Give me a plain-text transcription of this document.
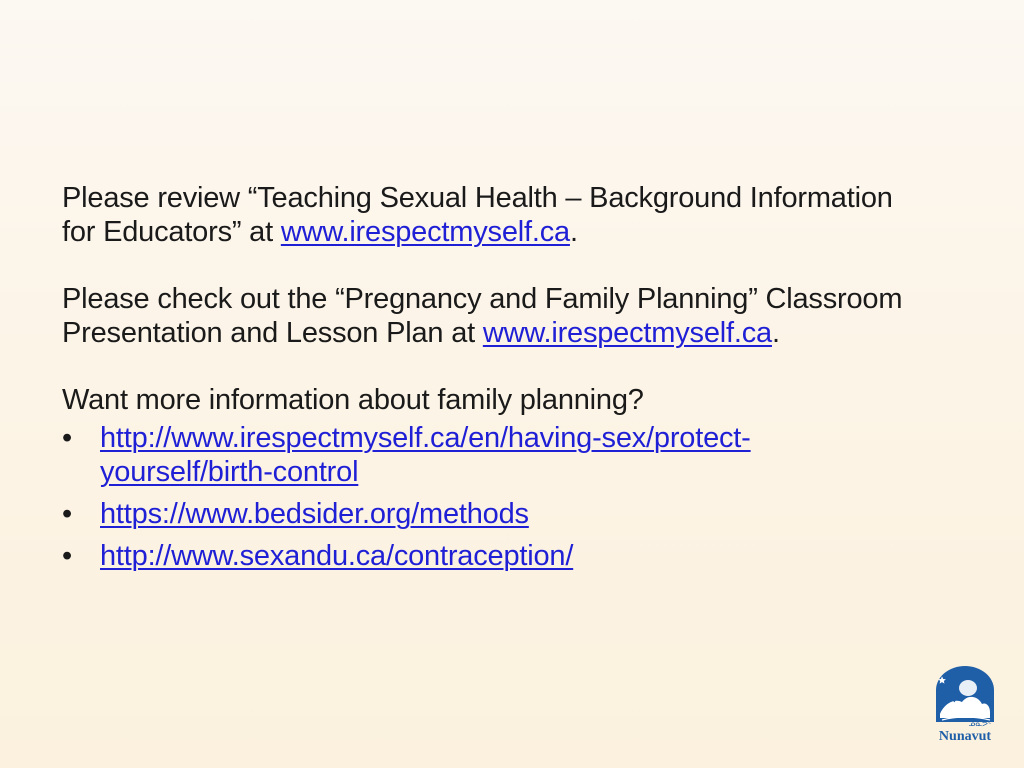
Please review “Teaching Sexual Health – Background Information for Educators” at www.irespectmyself.ca.

Please check out the “Pregnancy and Family Planning” Classroom Presentation and Lesson Plan at www.irespectmyself.ca.

Want more information about family planning?

• http://www.irespectmyself.ca/en/having-sex/protect-yourself/birth-control
• https://www.bedsider.org/methods
• http://www.sexandu.ca/contraception/
ᓄᓇᕗᑦ
Nunavut
